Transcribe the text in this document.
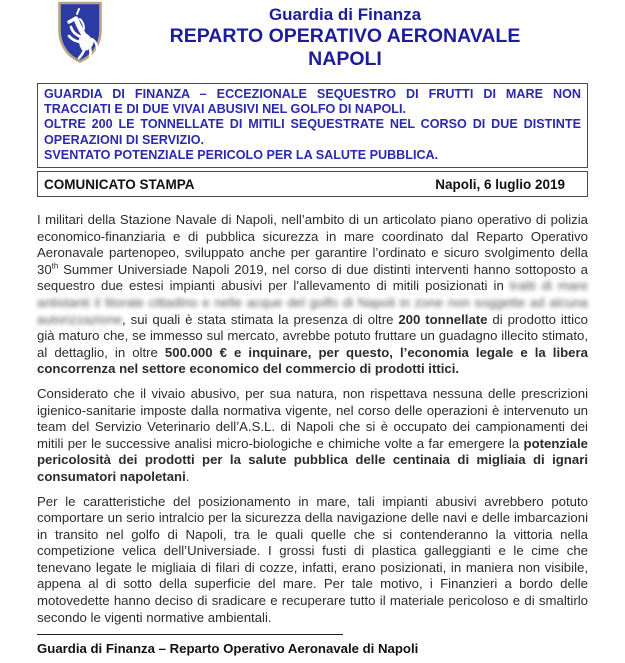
Guardia di Finanza
REPARTO OPERATIVO AERONAVALE
NAPOLI

GUARDIA DI FINANZA – ECCEZIONALE SEQUESTRO DI FRUTTI DI MARE NON TRACCIATI E DI DUE VIVAI ABUSIVI NEL GOLFO DI NAPOLI.

OLTRE 200 LE TONNELLATE DI MITILI SEQUESTRATE NEL CORSO DI DUE DISTINTE OPERAZIONI DI SERVIZIO.

SVENTATO POTENZIALE PERICOLO PER LA SALUTE PUBBLICA.

COMUNICATO STAMPA	Napoli, 6 luglio 2019

I militari della Stazione Navale di Napoli, nell’ambito di un articolato piano operativo di polizia economico-finanziaria e di pubblica sicurezza in mare coordinato dal Reparto Operativo Aeronavale partenopeo, sviluppato anche per garantire l’ordinato e sicuro svolgimento della 30th Summer Universiade Napoli 2019, nel corso di due distinti interventi hanno sottoposto a sequestro due estesi impianti abusivi per l’allevamento di mitili posizionati in tratti di mare antistanti il litorale cittadino e nelle acque del golfo di Napoli in zone non soggette ad alcuna autorizzazione, sui quali è stata stimata la presenza di oltre 200 tonnellate di prodotto ittico già maturo che, se immesso sul mercato, avrebbe potuto fruttare un guadagno illecito stimato, al dettaglio, in oltre 500.000 € e inquinare, per questo, l’economia legale e la libera concorrenza nel settore economico del commercio di prodotti ittici.

Considerato che il vivaio abusivo, per sua natura, non rispettava nessuna delle prescrizioni igienico-sanitarie imposte dalla normativa vigente, nel corso delle operazioni è intervenuto un team del Servizio Veterinario dell’A.S.L. di Napoli che si è occupato dei campionamenti dei mitili per le successive analisi micro-biologiche e chimiche volte a far emergere la potenziale pericolosità dei prodotti per la salute pubblica delle centinaia di migliaia di ignari consumatori napoletani.

Per le caratteristiche del posizionamento in mare, tali impianti abusivi avrebbero potuto comportare un serio intralcio per la sicurezza della navigazione delle navi e delle imbarcazioni in transito nel golfo di Napoli, tra le quali quelle che si contenderanno la vittoria nella competizione velica dell’Universiade. I grossi fusti di plastica galleggianti e le cime che tenevano legate le migliaia di filari di cozze, infatti, erano posizionati, in maniera non visibile, appena al di sotto della superficie del mare. Per tale motivo, i Finanzieri a bordo delle motovedette hanno deciso di sradicare e recuperare tutto il materiale pericoloso e di smaltirlo secondo le vigenti normative ambientali.

Guardia di Finanza – Reparto Operativo Aeronavale di Napoli
